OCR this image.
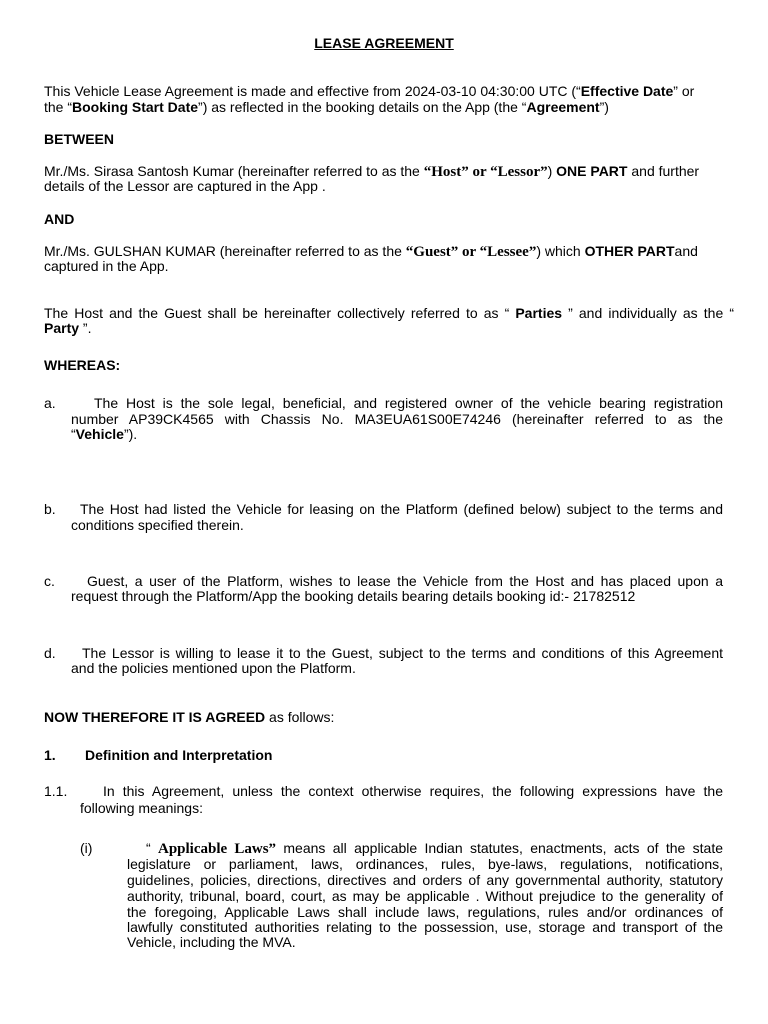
LEASE AGREEMENT
This Vehicle Lease Agreement is made and effective from 2024-03-10 04:30:00 UTC (“Effective Date” or
the “Booking Start Date”) as reflected in the booking details on the App (the “Agreement”)
BETWEEN
Mr./Ms. Sirasa Santosh Kumar (hereinafter referred to as the “Host” or “Lessor”) ONE PART and further
details of the Lessor are captured in the App .
AND
Mr./Ms. GULSHAN KUMAR (hereinafter referred to as the “Guest” or “Lessee”) which OTHER PARTand
captured in the App.
The Host and the Guest shall be hereinafter collectively referred to as “ Parties ” and individually as the “
Party ”.
WHEREAS:
a.	The Host is the sole legal, beneficial, and registered owner of the vehicle bearing registration
number AP39CK4565 with Chassis No. MA3EUA61S00E74246 (hereinafter referred to as the
“Vehicle”).
b. The Host had listed the Vehicle for leasing on the Platform (defined below) subject to the terms and
conditions specified therein.
c. Guest, a user of the Platform, wishes to lease the Vehicle from the Host and has placed upon a
request through the Platform/App the booking details bearing details booking id:- 21782512
d. The Lessor is willing to lease it to the Guest, subject to the terms and conditions of this Agreement
and the policies mentioned upon the Platform.
NOW THEREFORE IT IS AGREED as follows:
1. Definition and Interpretation
1.1.	In this Agreement, unless the context otherwise requires, the following expressions have the
following meanings:
(i)	“ Applicable Laws” means all applicable Indian statutes, enactments, acts of the state
legislature or parliament, laws, ordinances, rules, bye-laws, regulations, notifications,
guidelines, policies, directions, directives and orders of any governmental authority, statutory
authority, tribunal, board, court, as may be applicable . Without prejudice to the generality of
the foregoing, Applicable Laws shall include laws, regulations, rules and/or ordinances of
lawfully constituted authorities relating to the possession, use, storage and transport of the
Vehicle, including the MVA.
